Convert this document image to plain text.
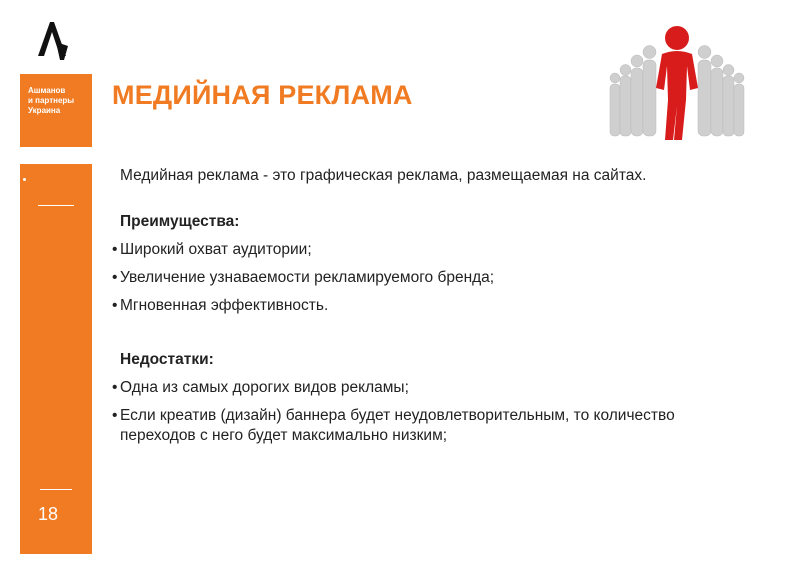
Ашманов
и партнеры
Украина
18
МЕДИЙНАЯ РЕКЛАМА

Медийная реклама - это графическая реклама, размещаемая на сайтах.

Преимущества:

• Широкий охват аудитории;
• Увеличение узнаваемости рекламируемого бренда;
• Мгновенная эффективность.

Недостатки:

• Одна из самых дорогих видов рекламы;
• Если креатив (дизайн) баннера будет неудовлетворительным, то количество переходов с него будет максимально низким;
